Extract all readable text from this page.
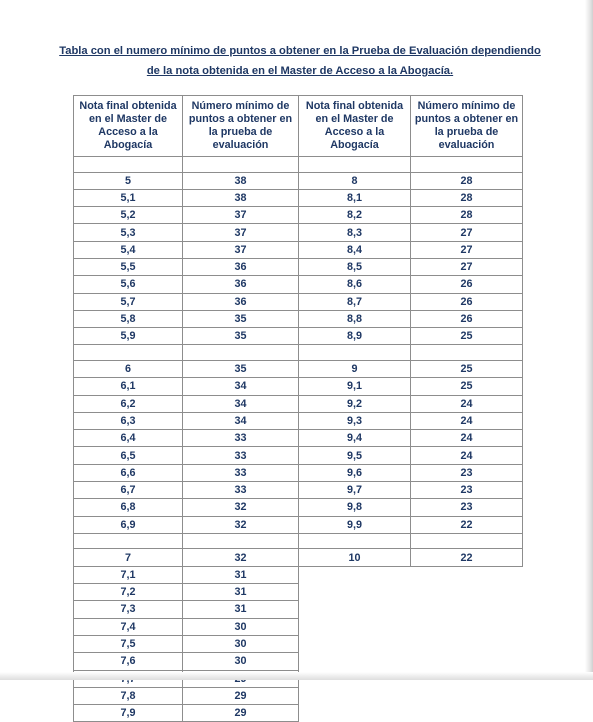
Tabla con el numero mínimo de puntos a obtener en la Prueba de Evaluación dependiendo
de la nota obtenida en el Master de Acceso a la Abogacía.
Nota final obtenida en el Master de Acceso a la Abogacía	Número mínimo de puntos a obtener en la prueba de evaluación

5	38
5,1	38
5,2	37
5,3	37
5,4	37
5,5	36
5,6	36
5,7	36
5,8	35
5,9	35

6	35
6,1	34
6,2	34
6,3	34
6,4	33
6,5	33
6,6	33
6,7	33
6,8	32
6,9	32

7	32
7,1	31
7,2	31
7,3	31
7,4	30
7,5	30
7,6	30

7,8	29
7,9	29
Nota final obtenida en el Master de Acceso a la Abogacía	Número mínimo de puntos a obtener en la prueba de evaluación

8	28
8,1	28
8,2	28
8,3	27
8,4	27
8,5	27
8,6	26
8,7	26
8,8	26
8,9	25

9	25
9,1	25
9,2	24
9,3	24
9,4	24
9,5	24
9,6	23
9,7	23
9,8	23
9,9	22

10	22
